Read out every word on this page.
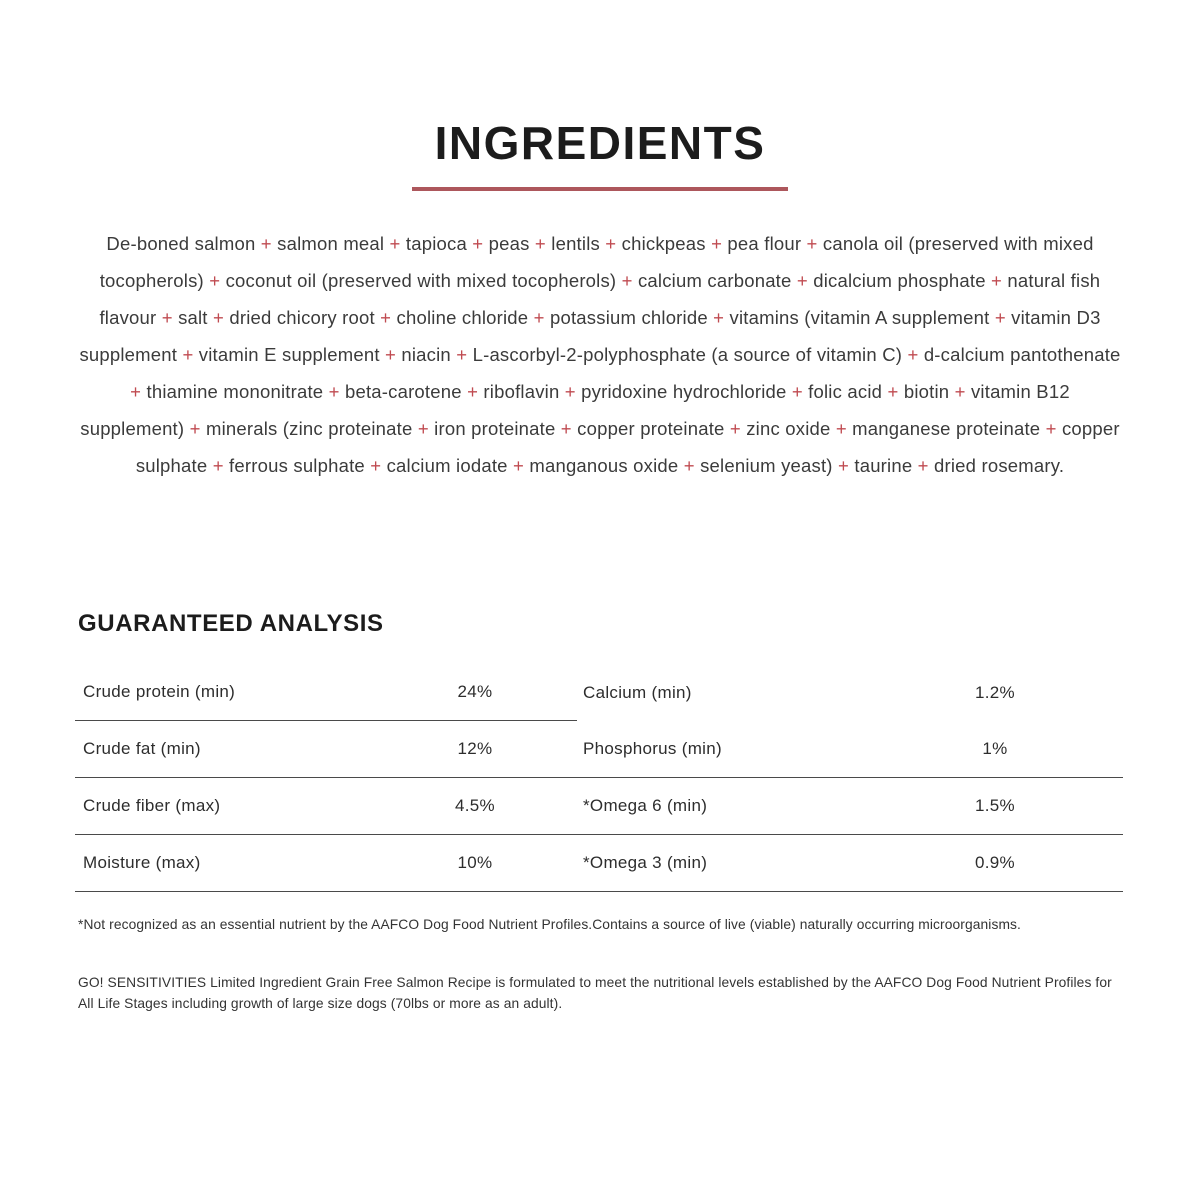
INGREDIENTS

De-boned salmon + salmon meal + tapioca + peas + lentils + chickpeas + pea flour + canola oil (preserved with mixed tocopherols) + coconut oil (preserved with mixed tocopherols) + calcium carbonate + dicalcium phosphate + natural fish flavour + salt + dried chicory root + choline chloride + potassium chloride + vitamins (vitamin A supplement + vitamin D3 supplement + vitamin E supplement + niacin + L-ascorbyl-2-polyphosphate (a source of vitamin C) + d-calcium pantothenate + thiamine mononitrate + beta-carotene + riboflavin + pyridoxine hydrochloride + folic acid + biotin + vitamin B12 supplement) + minerals (zinc proteinate + iron proteinate + copper proteinate + zinc oxide + manganese proteinate + copper sulphate + ferrous sulphate + calcium iodate + manganous oxide + selenium yeast) + taurine + dried rosemary.

GUARANTEED ANALYSIS
Crude protein (min)	24%	Calcium (min)	1.2%
Crude fat (min)	12%	Phosphorus (min)	1%
Crude fiber (max)	4.5%	*Omega 6 (min)	1.5%
Moisture (max)	10%	*Omega 3 (min)	0.9%

*Not recognized as an essential nutrient by the AAFCO Dog Food Nutrient Profiles.Contains a source of live (viable) naturally occurring microorganisms.

GO! SENSITIVITIES Limited Ingredient Grain Free Salmon Recipe is formulated to meet the nutritional levels established by the AAFCO Dog Food Nutrient Profiles for All Life Stages including growth of large size dogs (70lbs or more as an adult).
